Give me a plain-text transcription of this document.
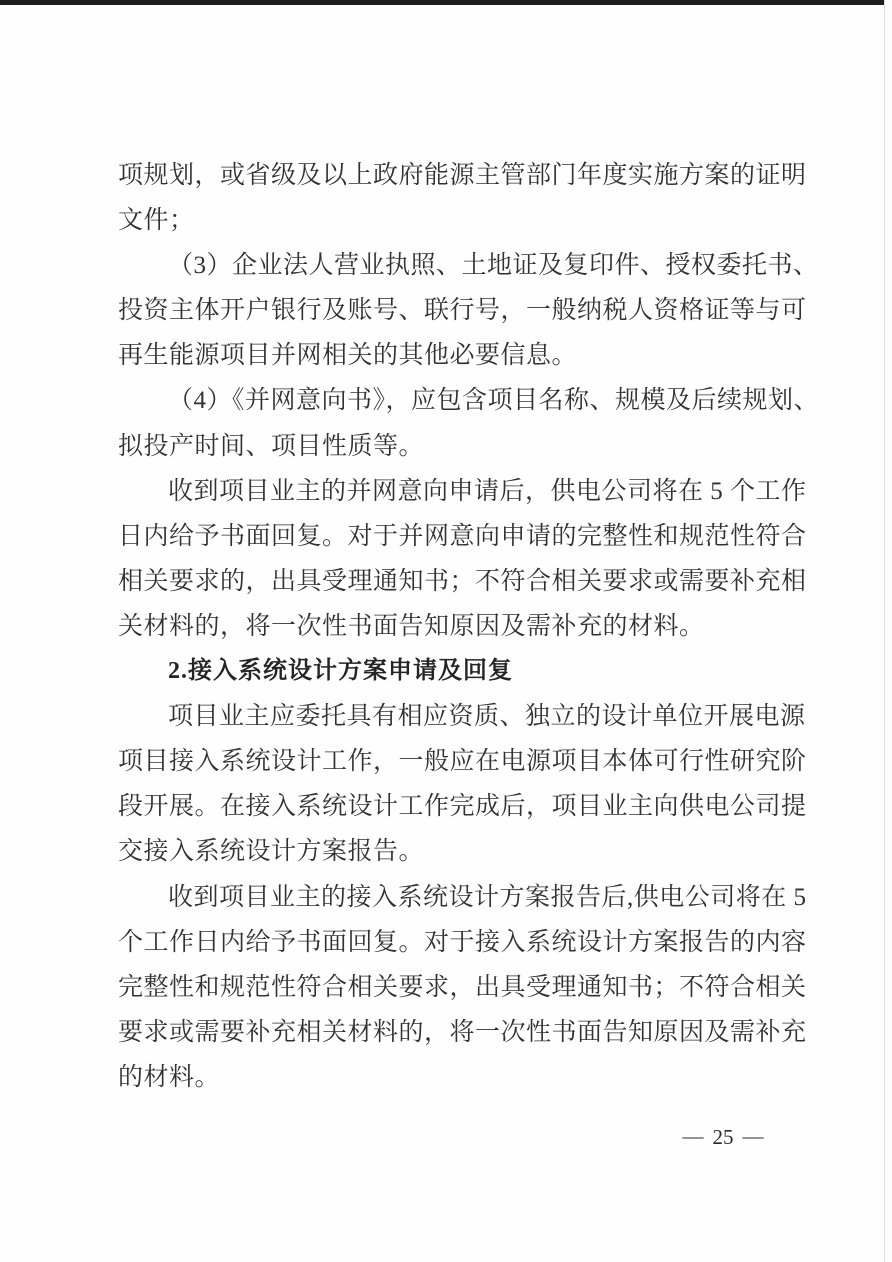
项规划，或省级及以上政府能源主管部门年度实施方案的证明
文件；
（3）企业法人营业执照、土地证及复印件、授权委托书、
投资主体开户银行及账号、联行号，一般纳税人资格证等与可
再生能源项目并网相关的其他必要信息。
（4）《并网意向书》，应包含项目名称、规模及后续规划、
拟投产时间、项目性质等。
收到项目业主的并网意向申请后，供电公司将在 5 个工作
日内给予书面回复。对于并网意向申请的完整性和规范性符合
相关要求的，出具受理通知书；不符合相关要求或需要补充相
关材料的，将一次性书面告知原因及需补充的材料。
2.接入系统设计方案申请及回复
项目业主应委托具有相应资质、独立的设计单位开展电源
项目接入系统设计工作，一般应在电源项目本体可行性研究阶
段开展。在接入系统设计工作完成后，项目业主向供电公司提
交接入系统设计方案报告。
收到项目业主的接入系统设计方案报告后,供电公司将在 5
个工作日内给予书面回复。对于接入系统设计方案报告的内容
完整性和规范性符合相关要求，出具受理通知书；不符合相关
要求或需要补充相关材料的，将一次性书面告知原因及需补充
的材料。
— 25 —
